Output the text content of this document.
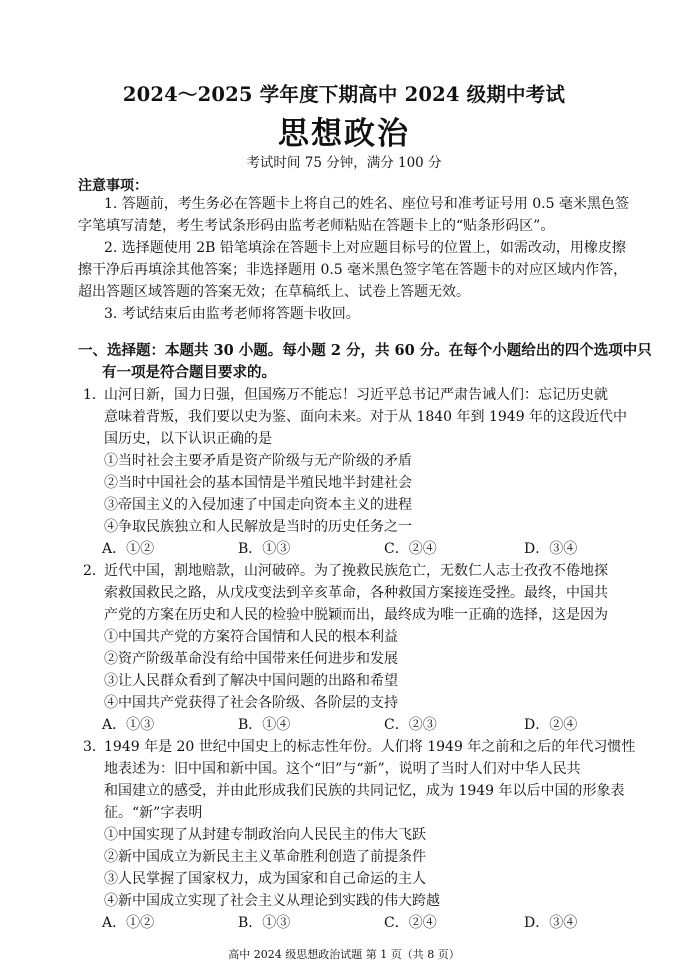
2024～2025 学年度下期高中 2024 级期中考试
思想政治
考试时间 75 分钟，满分 100 分
注意事项：
1. 答题前，考生务必在答题卡上将自己的姓名、座位号和准考证号用 0.5 毫米黑色签
字笔填写清楚，考生考试条形码由监考老师粘贴在答题卡上的“贴条形码区”。
2. 选择题使用 2B 铅笔填涂在答题卡上对应题目标号的位置上，如需改动，用橡皮擦
擦干净后再填涂其他答案；非选择题用 0.5 毫米黑色签字笔在答题卡的对应区域内作答，
超出答题区域答题的答案无效；在草稿纸上、试卷上答题无效。
3. 考试结束后由监考老师将答题卡收回。
一、选择题：本题共 30 小题。每小题 2 分，共 60 分。在每个小题给出的四个选项中只
有一项是符合题目要求的。
1．
山河日新，国力日强，但国殇万不能忘！习近平总书记严肃告诫人们：忘记历史就
意味着背叛，我们要以史为鉴、面向未来。对于从 1840 年到 1949 年的这段近代中
国历史，以下认识正确的是
①当时社会主要矛盾是资产阶级与无产阶级的矛盾
②当时中国社会的基本国情是半殖民地半封建社会
③帝国主义的入侵加速了中国走向资本主义的进程
④争取民族独立和人民解放是当时的历史任务之一
A．①②	B．①③	C．②④	D．③④
2．
近代中国，割地赔款，山河破碎。为了挽救民族危亡，无数仁人志士孜孜不倦地探
索救国救民之路，从戊戌变法到辛亥革命，各种救国方案接连受挫。最终，中国共
产党的方案在历史和人民的检验中脱颖而出，最终成为唯一正确的选择，这是因为
①中国共产党的方案符合国情和人民的根本利益
②资产阶级革命没有给中国带来任何进步和发展
③让人民群众看到了解决中国问题的出路和希望
④中国共产党获得了社会各阶级、各阶层的支持
A．①③	B．①④	C．②③	D．②④
3．
1949 年是 20 世纪中国史上的标志性年份。人们将 1949 年之前和之后的年代习惯性
地表述为：旧中国和新中国。这个“旧”与“新”，说明了当时人们对中华人民共
和国建立的感受，并由此形成我们民族的共同记忆，成为 1949 年以后中国的形象表
征。“新”字表明
①中国实现了从封建专制政治向人民民主的伟大飞跃
②新中国成立为新民主主义革命胜利创造了前提条件
③人民掌握了国家权力，成为国家和自己命运的主人
④新中国成立实现了社会主义从理论到实践的伟大跨越
A．①②	B．①③	C．②④	D．③④
高中 2024 级思想政治试题 第 1 页（共 8 页）
